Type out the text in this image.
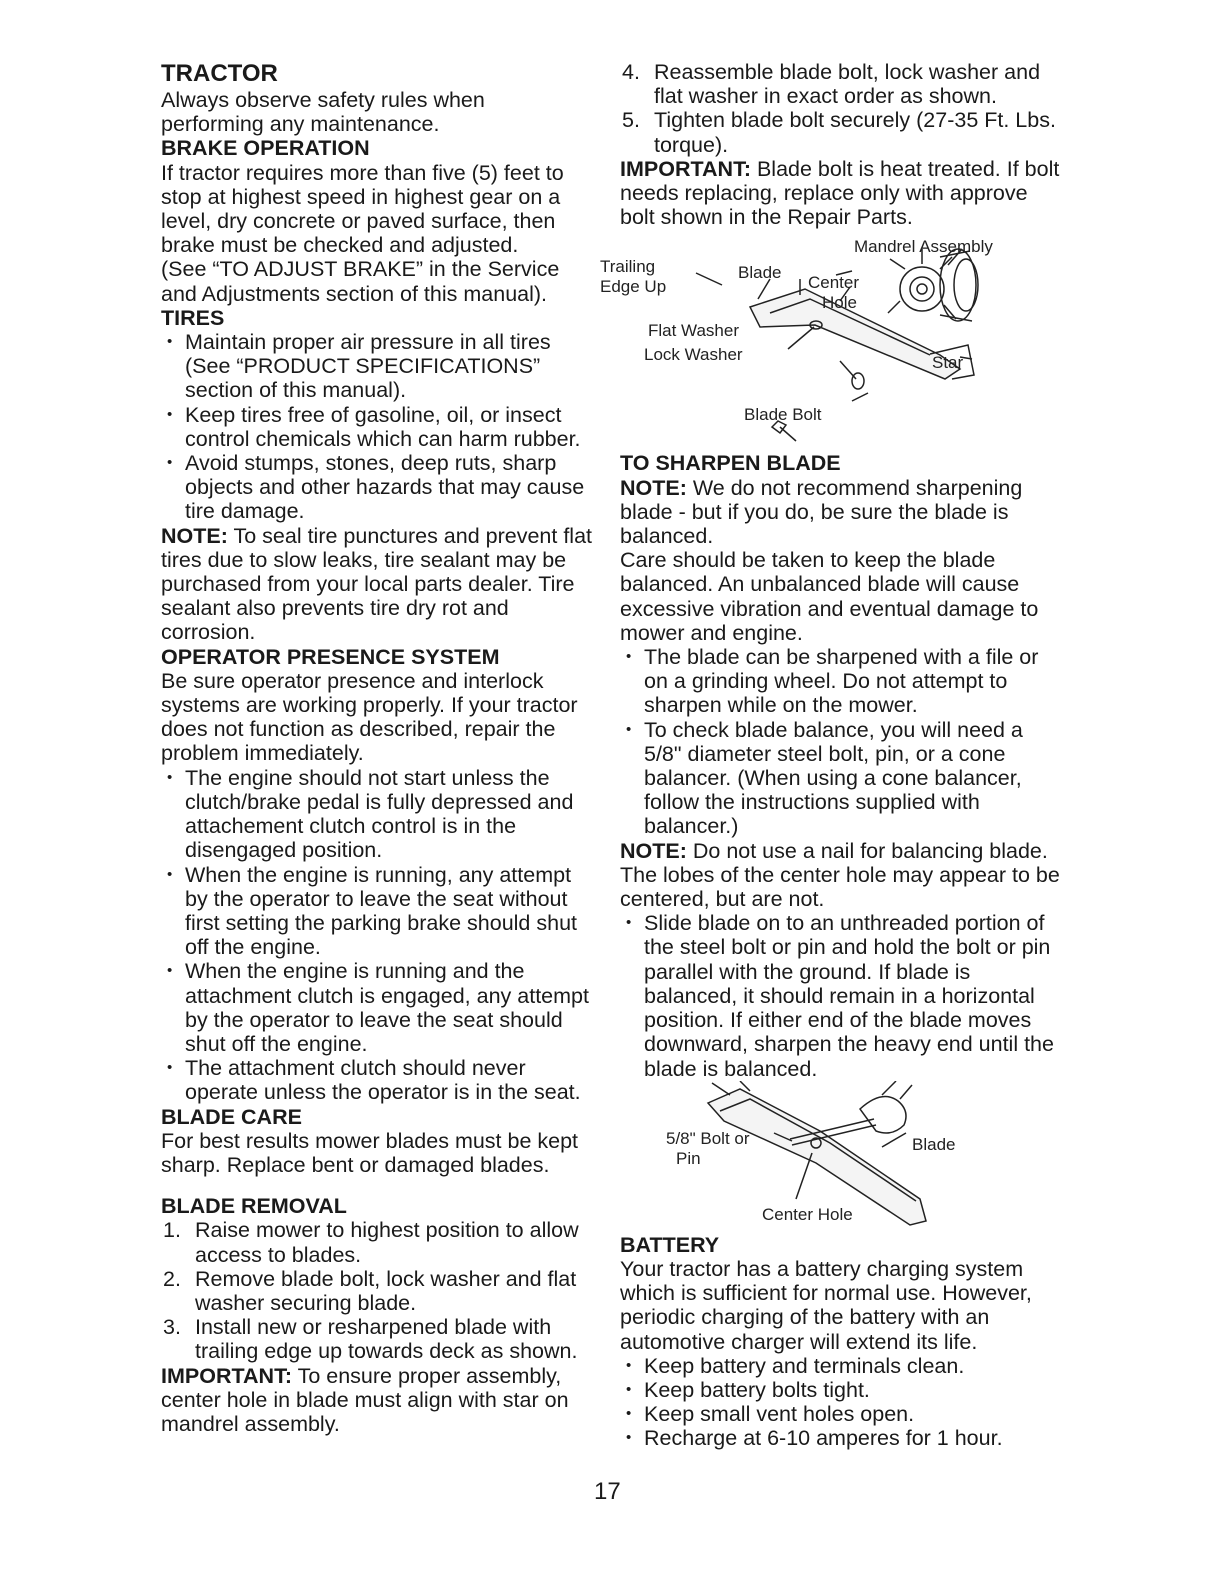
TRACTOR

Always observe safety rules when performing any maintenance.

BRAKE OPERATION

If tractor requires more than five (5) feet to stop at highest speed in highest gear on a level, dry concrete or paved surface, then brake must be checked and adjusted.

(See “TO ADJUST BRAKE” in the Service and Adjustments section of this manual).

TIRES
• Maintain proper air pressure in all tires (See “PRODUCT SPECIFICATIONS” section of this manual).
• Keep tires free of gasoline, oil, or insect control chemicals which can harm rubber.
• Avoid stumps, stones, deep ruts, sharp objects and other hazards that may cause tire damage.

NOTE: To seal tire punctures and prevent flat tires due to slow leaks, tire sealant may be purchased from your local parts dealer. Tire sealant also prevents tire dry rot and corrosion.

OPERATOR PRESENCE SYSTEM

Be sure operator presence and interlock systems are working properly. If your tractor does not function as described, repair the problem immediately.

• The engine should not start unless the clutch/brake pedal is fully depressed and attachement clutch control is in the disengaged position.
• When the engine is running, any attempt by the operator to leave the seat without first setting the parking brake should shut off the engine.
• When the engine is running and the attachment clutch is engaged, any attempt by the operator to leave the seat should shut off the engine.
• The attachment clutch should never operate unless the operator is in the seat.
BLADE CARE

For best results mower blades must be kept sharp. Replace bent or damaged blades.

BLADE REMOVAL
1. Raise mower to highest position to allow access to blades.
2. Remove blade bolt, lock washer and flat washer securing blade.
3. Install new or resharpened blade with trailing edge up towards deck as shown.

IMPORTANT: To ensure proper assembly, center hole in blade must align with star on mandrel assembly.

4. Reassemble blade bolt, lock washer and flat washer in exact order as shown.
5. Tighten blade bolt securely (27-35 Ft. Lbs. torque).

IMPORTANT: Blade bolt is heat treated. If bolt needs replacing, replace only with approve bolt shown in the Repair Parts.

Mandrel Assembly
Trailing
Edge Up
Blade
Center
Hole
Flat Washer
Lock Washer	Star
Blade Bolt
TO SHARPEN BLADE

NOTE: We do not recommend sharpening blade - but if you do, be sure the blade is balanced.

Care should be taken to keep the blade balanced. An unbalanced blade will cause excessive vibration and eventual damage to mower and engine.

• The blade can be sharpened with a file or on a grinding wheel. Do not attempt to sharpen while on the mower.
• To check blade balance, you will need a 5/8" diameter steel bolt, pin, or a cone balancer. (When using a cone balancer, follow the instructions supplied with balancer.)

NOTE: Do not use a nail for balancing blade. The lobes of the center hole may appear to be centered, but are not.

• Slide blade on to an unthreaded portion of the steel bolt or pin and hold the bolt or pin parallel with the ground. If blade is balanced, it should remain in a horizontal position. If either end of the blade moves downward, sharpen the heavy end until the blade is balanced.
5/8" Bolt or
Pin
Blade
Center Hole
BATTERY

Your tractor has a battery charging system which is sufficient for normal use. However, periodic charging of the battery with an automotive charger will extend its life.

• Keep battery and terminals clean.
• Keep battery bolts tight.
• Keep small vent holes open.
• Recharge at 6-10 amperes for 1 hour.
17
